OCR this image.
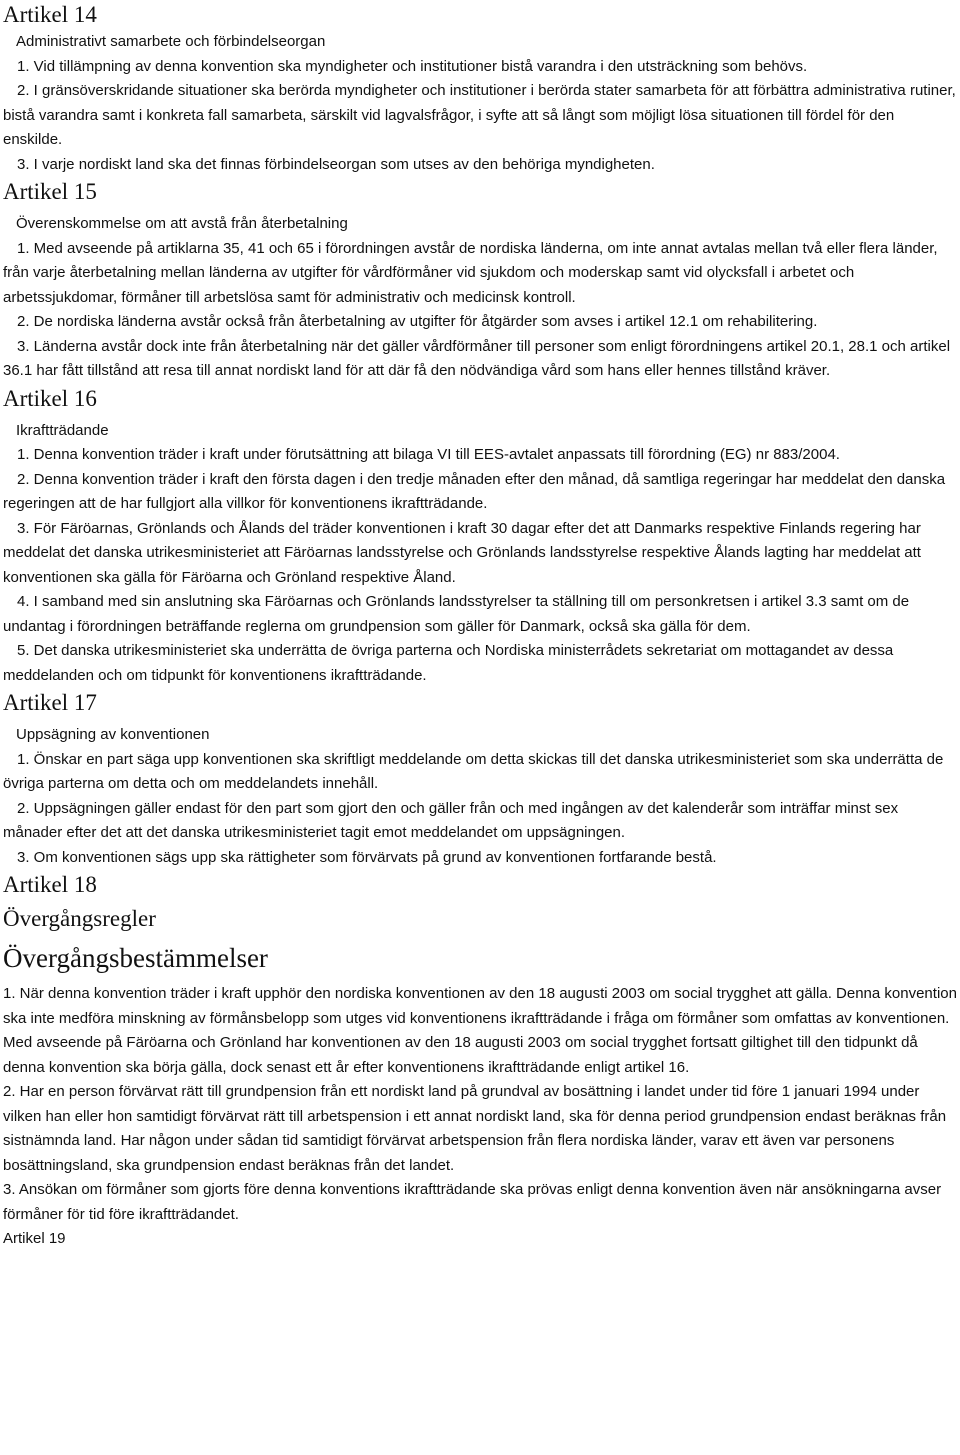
Artikel 14

Administrativt samarbete och förbindelseorgan

1. Vid tillämpning av denna konvention ska myndigheter och institutioner bistå varandra i den utsträckning som behövs.

2. I gränsöverskridande situationer ska berörda myndigheter och institutioner i berörda stater samarbeta för att förbättra administrativa rutiner, bistå varandra samt i konkreta fall samarbeta, särskilt vid lagvalsfrågor, i syfte att så långt som möjligt lösa situationen till fördel för den enskilde.

3. I varje nordiskt land ska det finnas förbindelseorgan som utses av den behöriga myndigheten.

Artikel 15

Överenskommelse om att avstå från återbetalning

1. Med avseende på artiklarna 35, 41 och 65 i förordningen avstår de nordiska länderna, om inte annat avtalas mellan två eller flera länder, från varje återbetalning mellan länderna av utgifter för vårdförmåner vid sjukdom och moderskap samt vid olycksfall i arbetet och arbetssjukdomar, förmåner till arbetslösa samt för administrativ och medicinsk kontroll.

2. De nordiska länderna avstår också från återbetalning av utgifter för åtgärder som avses i artikel 12.1 om rehabilitering.

3. Länderna avstår dock inte från återbetalning när det gäller vårdförmåner till personer som enligt förordningens artikel 20.1, 28.1 och artikel 36.1 har fått tillstånd att resa till annat nordiskt land för att där få den nödvändiga vård som hans eller hennes tillstånd kräver.

Artikel 16

Ikraftträdande

1. Denna konvention träder i kraft under förutsättning att bilaga VI till EES-avtalet anpassats till förordning (EG) nr 883/2004.

2. Denna konvention träder i kraft den första dagen i den tredje månaden efter den månad, då samtliga regeringar har meddelat den danska regeringen att de har fullgjort alla villkor för konventionens ikraftträdande.

3. För Färöarnas, Grönlands och Ålands del träder konventionen i kraft 30 dagar efter det att Danmarks respektive Finlands regering har meddelat det danska utrikesministeriet att Färöarnas landsstyrelse och Grönlands landsstyrelse respektive Ålands lagting har meddelat att konventionen ska gälla för Färöarna och Grönland respektive Åland.

4. I samband med sin anslutning ska Färöarnas och Grönlands landsstyrelser ta ställning till om personkretsen i artikel 3.3 samt om de undantag i förordningen beträffande reglerna om grundpension som gäller för Danmark, också ska gälla för dem.

5. Det danska utrikesministeriet ska underrätta de övriga parterna och Nordiska ministerrådets sekretariat om mottagandet av dessa meddelanden och om tidpunkt för konventionens ikraftträdande.

Artikel 17

Uppsägning av konventionen

1. Önskar en part säga upp konventionen ska skriftligt meddelande om detta skickas till det danska utrikesministeriet som ska underrätta de övriga parterna om detta och om meddelandets innehåll.

2. Uppsägningen gäller endast för den part som gjort den och gäller från och med ingången av det kalenderår som inträffar minst sex månader efter det att det danska utrikesministeriet tagit emot meddelandet om uppsägningen.

3. Om konventionen sägs upp ska rättigheter som förvärvats på grund av konventionen fortfarande bestå.

Artikel 18
Övergångsregler
Övergångsbestämmelser

1. När denna konvention träder i kraft upphör den nordiska konventionen av den 18 augusti 2003 om social trygghet att gälla. Denna konvention ska inte medföra minskning av förmånsbelopp som utges vid konventionens ikraftträdande i fråga om förmåner som omfattas av konventionen. Med avseende på Färöarna och Grönland har konventionen av den 18 augusti 2003 om social trygghet fortsatt giltighet till den tidpunkt då denna konvention ska börja gälla, dock senast ett år efter konventionens ikraftträdande enligt artikel 16.

2. Har en person förvärvat rätt till grundpension från ett nordiskt land på grundval av bosättning i landet under tid före 1 januari 1994 under vilken han eller hon samtidigt förvärvat rätt till arbetspension i ett annat nordiskt land, ska för denna period grundpension endast beräknas från sistnämnda land. Har någon under sådan tid samtidigt förvärvat arbetspension från flera nordiska länder, varav ett även var personens bosättningsland, ska grundpension endast beräknas från det landet.

3. Ansökan om förmåner som gjorts före denna konventions ikraftträdande ska prövas enligt denna konvention även när ansökningarna avser förmåner för tid före ikraftträdandet.

Artikel 19
